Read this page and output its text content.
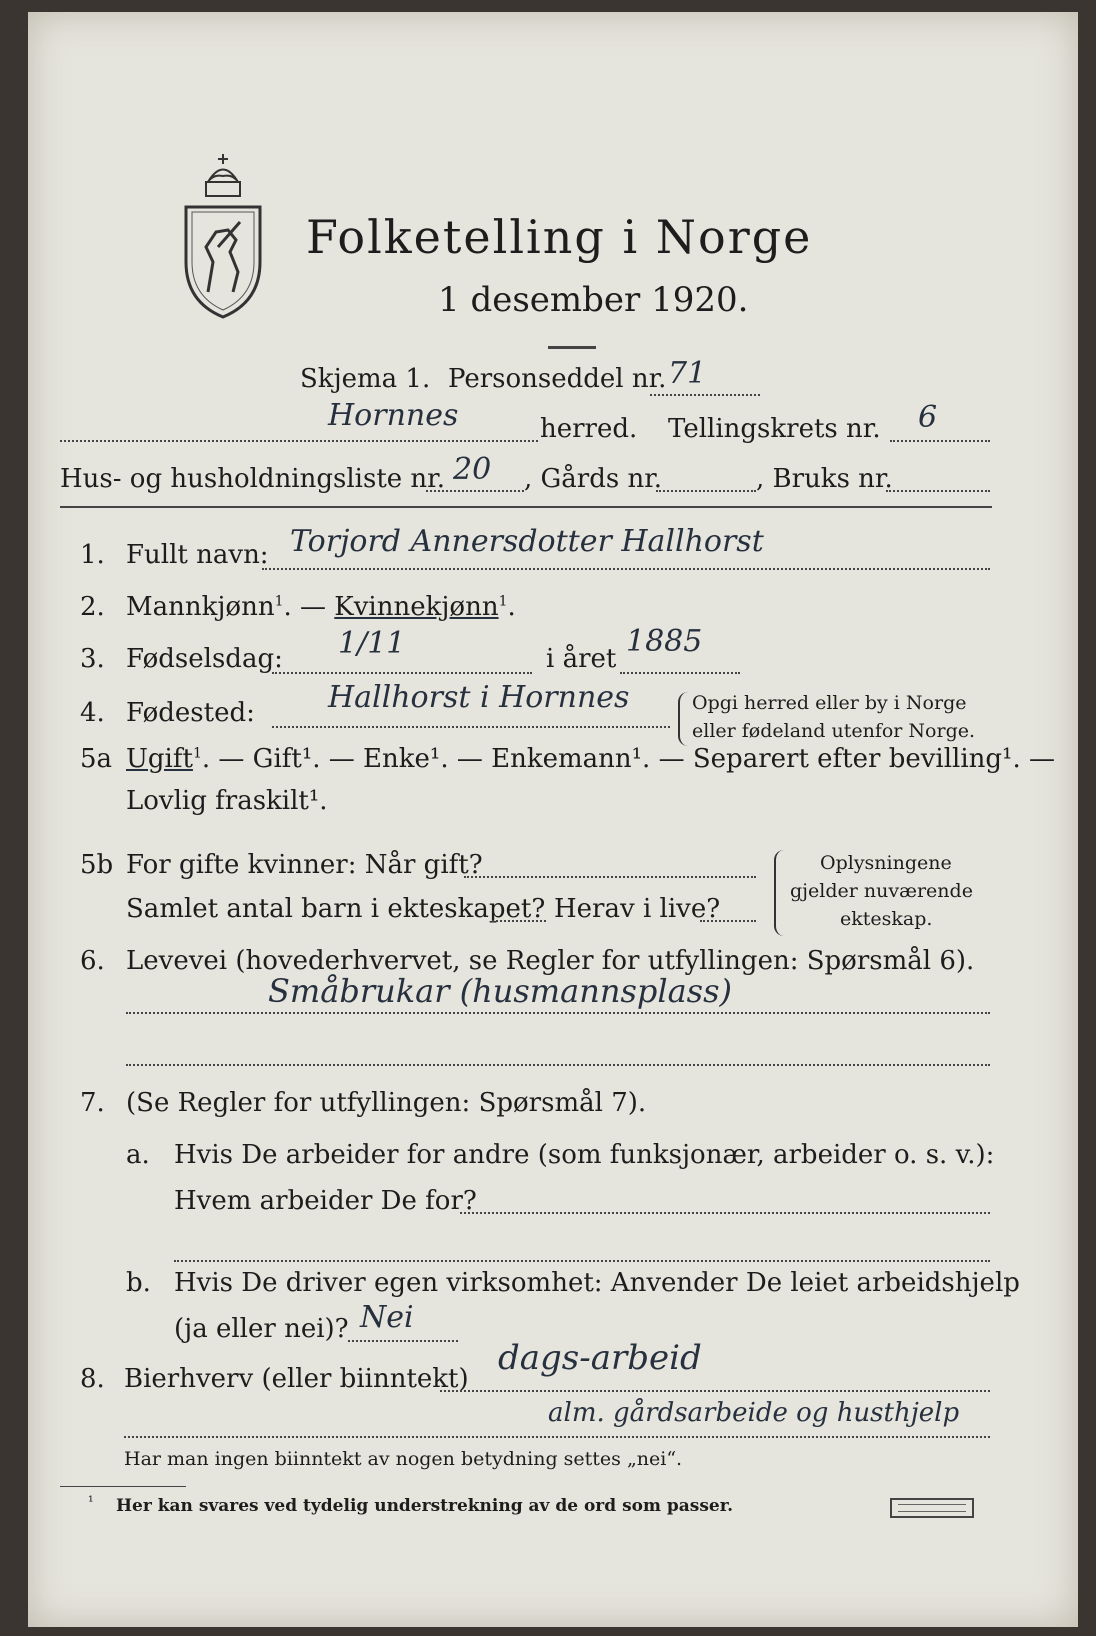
Folketelling i Norge
1 desember 1920.
Skjema 1. Personseddel nr. 71
Hornnes	herred. Tellingskrets nr. 6
Hus- og husholdningsliste nr. 20 , Gårds nr.	, Bruks nr.
1. Fullt navn: Torjord Annersdotter Hallhorst
2. Mannkjønn$^1$. — Kvinnekjønn$^1$.
3. Fødselsdag: 1/11	i året 1885
4. Fødested: Hallhorst i Hornnes	Opgi herred eller by i Norge
eller fødeland utenfor Norge.
5a Ugift$^1$. — Gift¹. — Enke¹. — Enkemann¹. — Separert efter bevilling¹. —
Lovlig fraskilt¹.
5b For gifte kvinner: Når gift?
Samlet antal barn i ekteskapet? Herav i live?
Oplysningene
gjelder nuværende
ekteskap.
6. Levevei (hovederhvervet, se Regler for utfyllingen: Spørsmål 6).
Småbrukar (husmannsplass)
7. (Se Regler for utfyllingen: Spørsmål 7).
a. Hvis De arbeider for andre (som funksjonær, arbeider o. s. v.):
Hvem arbeider De for?
b. Hvis De driver egen virksomhet: Anvender De leiet arbeidshjelp
(ja eller nei)? Nei
8. Bierhverv (eller biinntekt)
dags-arbeid
alm. gårdsarbeide og husthjelp
Har man ingen biinntekt av nogen betydning settes „nei“.
¹ Her kan svares ved tydelig understrekning av de ord som passer.
